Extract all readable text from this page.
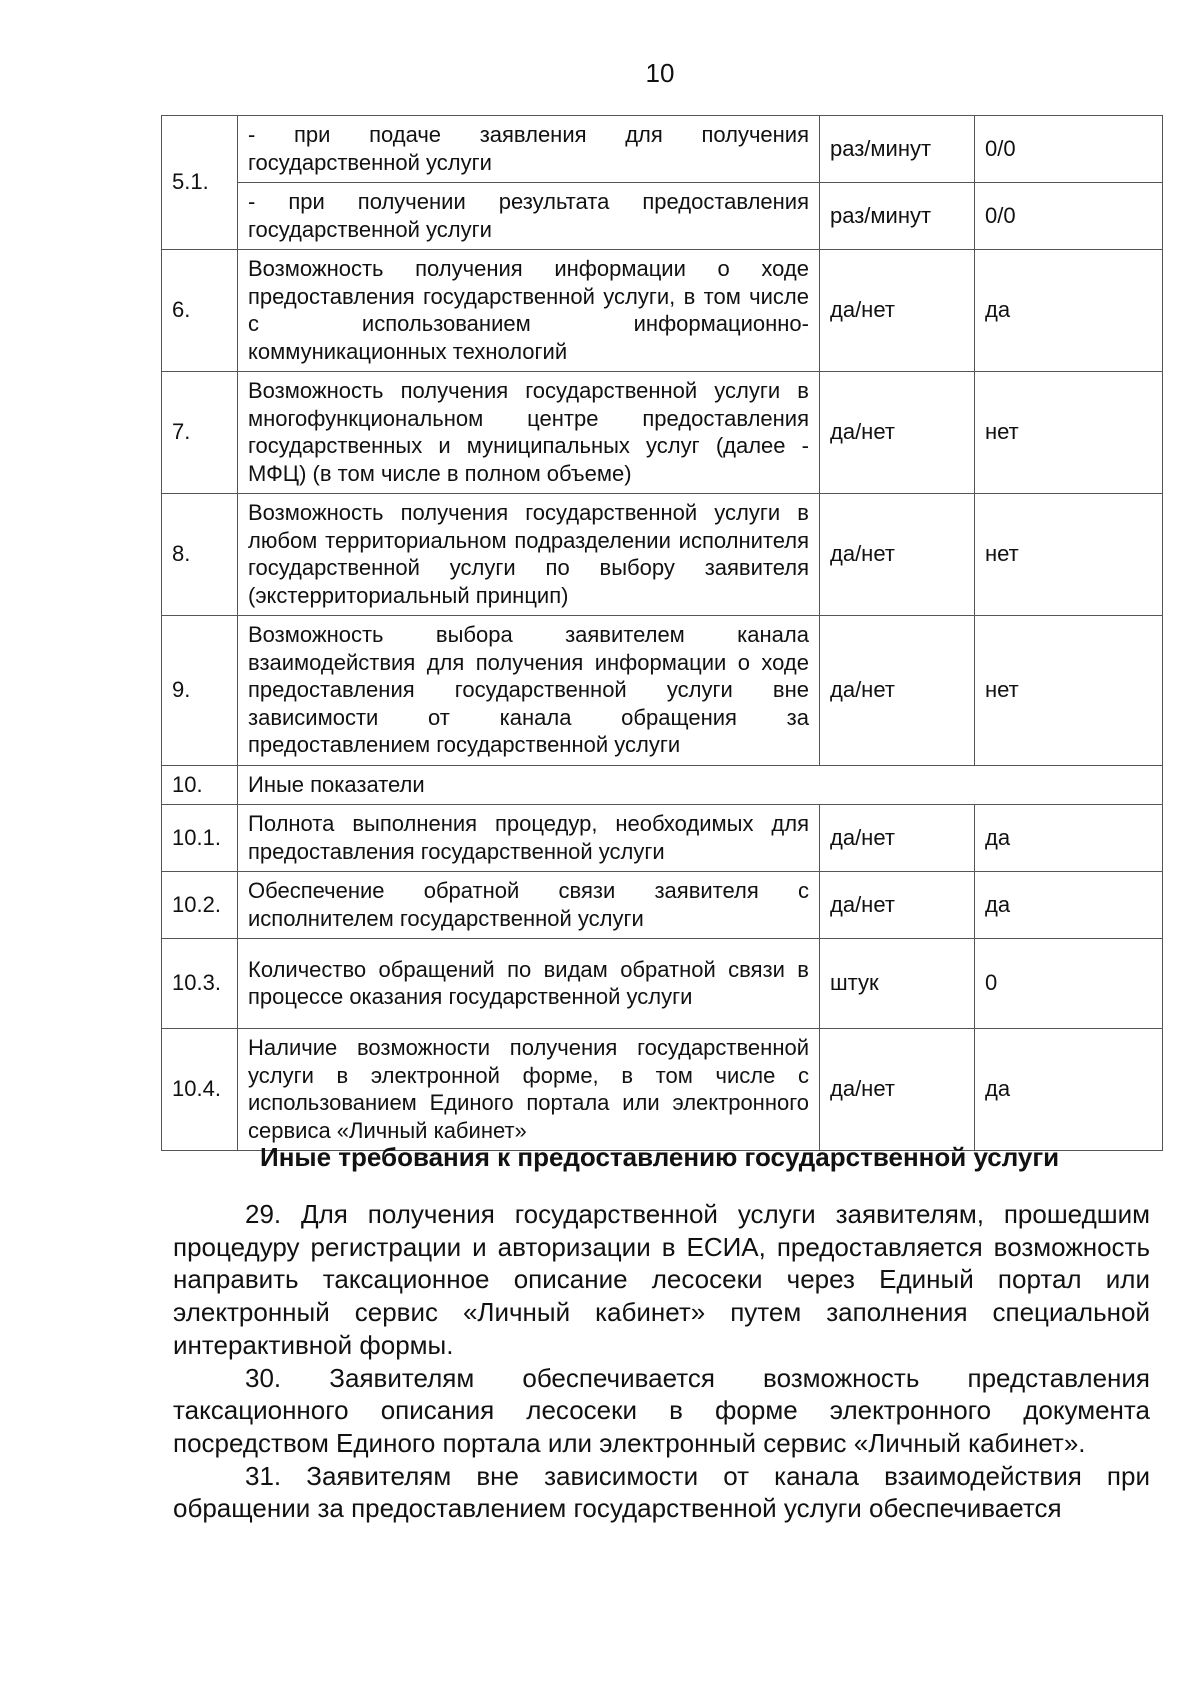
10
5.1.	- при подаче заявления для получения государственной услуги	раз/минут	0/0
	- при получении результата предоставления государственной услуги	раз/минут	0/0
6.	Возможность получения информации о ходе предоставления государственной услуги, в том числе с использованием информационно-коммуникационных технологий	да/нет	да
7.	Возможность получения государственной услуги в многофункциональном центре предоставления государственных и муниципальных услуг (далее - МФЦ) (в том числе в полном объеме)	да/нет	нет
8.	Возможность получения государственной услуги в любом территориальном подразделении исполнителя государственной услуги по выбору заявителя (экстерриториальный принцип)	да/нет	нет
9.	Возможность выбора заявителем канала взаимодействия для получения информации о ходе предоставления государственной услуги вне зависимости от канала обращения за предоставлением государственной услуги	да/нет	нет
10.	Иные показатели		
10.1.	Полнота выполнения процедур, необходимых для предоставления государственной услуги	да/нет	да
10.2.	Обеспечение обратной связи заявителя с исполнителем государственной услуги	да/нет	да
10.3.	Количество обращений по видам обратной связи в процессе оказания государственной услуги	штук	0
10.4.	Наличие возможности получения государственной услуги в электронной форме, в том числе с использованием Единого портала или электронного сервиса «Личный кабинет»	да/нет	да
Иные требования к предоставлению государственной услуги

29. Для получения государственной услуги заявителям, прошедшим процедуру регистрации и авторизации в ЕСИА, предоставляется возможность направить таксационное описание лесосеки через Единый портал или электронный сервис «Личный кабинет» путем заполнения специальной интерактивной формы.

30. Заявителям обеспечивается возможность представления таксационного описания лесосеки в форме электронного документа посредством Единого портала или электронный сервис «Личный кабинет».

31. Заявителям вне зависимости от канала взаимодействия при обращении за предоставлением государственной услуги обеспечивается
